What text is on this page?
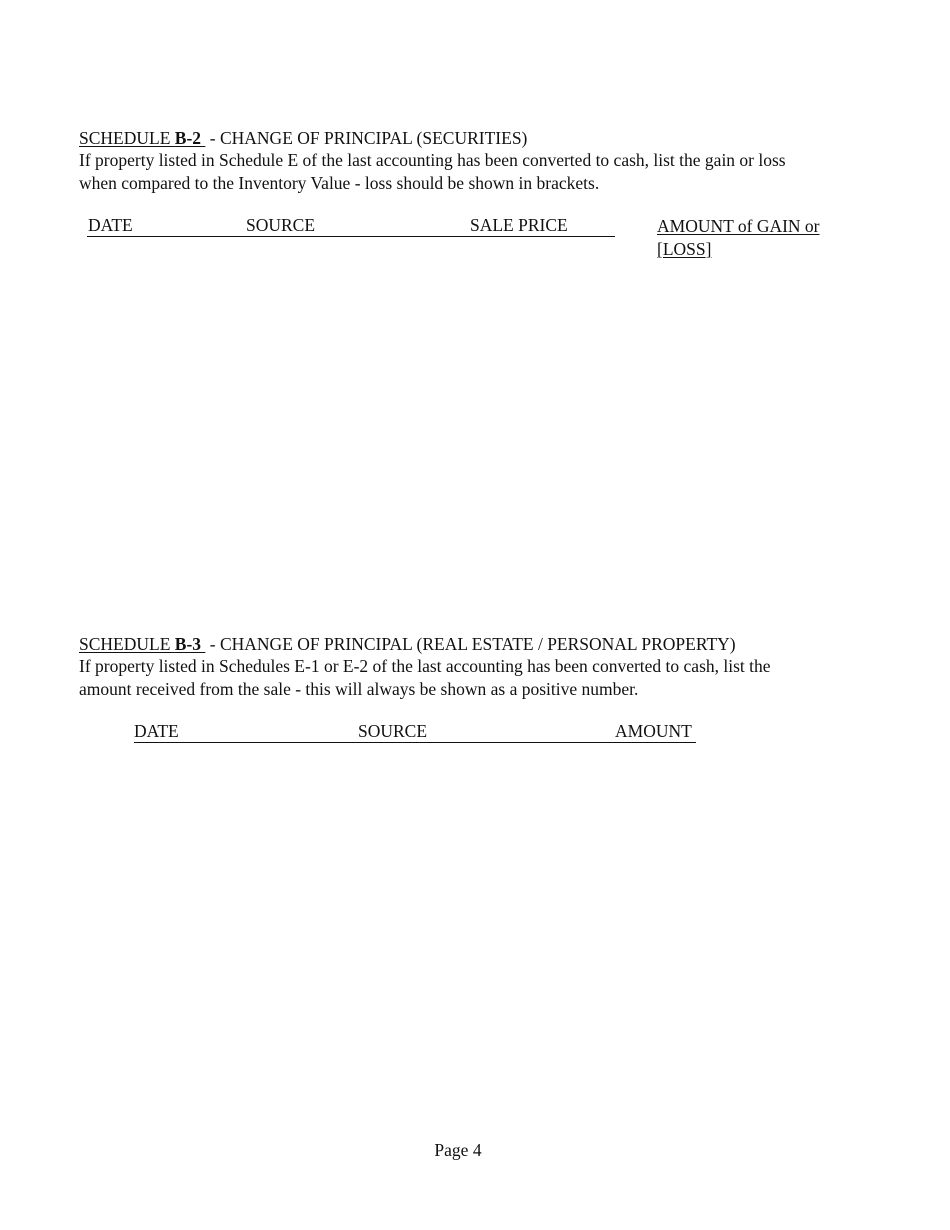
SCHEDULE B-2  - CHANGE OF PRINCIPAL (SECURITIES)

If property listed in Schedule E of the last accounting has been converted to cash, list the gain or loss
when compared to the Inventory Value - loss should be shown in brackets.

DATE	SOURCE	SALE PRICE	AMOUNT of GAIN or
[LOSS]
SCHEDULE B-3  - CHANGE OF PRINCIPAL (REAL ESTATE / PERSONAL PROPERTY)

If property listed in Schedules E-1 or E-2 of the last accounting has been converted to cash, list the
amount received from the sale - this will always be shown as a positive number.

DATE	SOURCE	AMOUNT
Page 4
